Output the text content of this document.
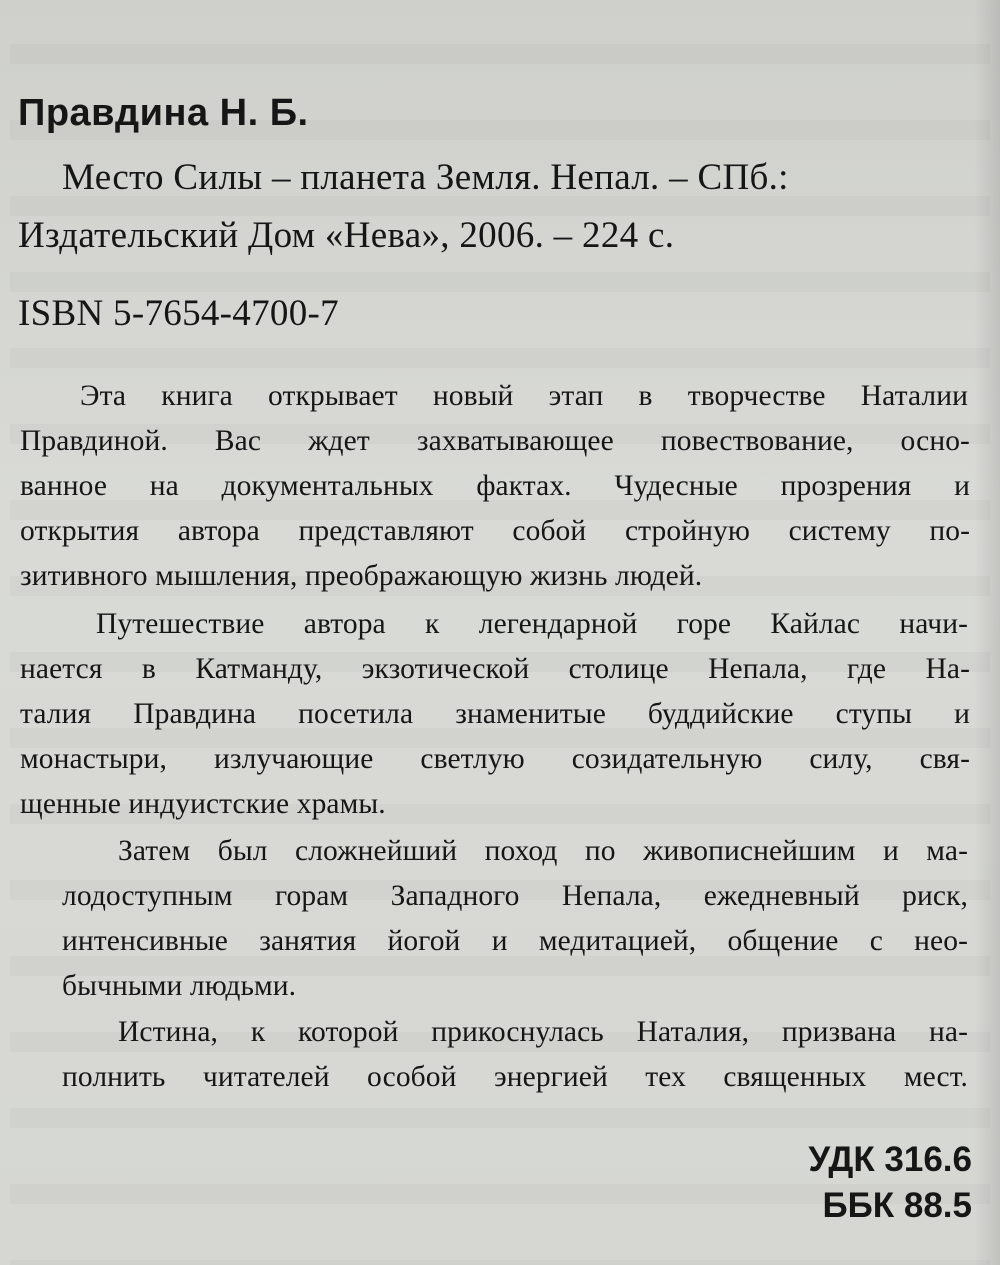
Правдина Н. Б.
Место Силы – планета Земля. Непал. – СПб.:
Издательский Дом «Нева», 2006. – 224 с.
ISBN 5-7654-4700-7
Эта книга открывает новый этап в творчестве Наталии
Правдиной. Вас ждет захватывающее повествование, осно-
ванное на документальных фактах. Чудесные прозрения и
открытия автора представляют собой стройную систему по-
зитивного мышления, преображающую жизнь людей.
Путешествие автора к легендарной горе Кайлас начи-
нается в Катманду, экзотической столице Непала, где На-
талия Правдина посетила знаменитые буддийские ступы и
монастыри, излучающие светлую созидательную силу, свя-
щенные индуистские храмы.
Затем был сложнейший поход по живописнейшим и ма-
лодоступным горам Западного Непала, ежедневный риск,
интенсивные занятия йогой и медитацией, общение с нео-
бычными людьми.
Истина, к которой прикоснулась Наталия, призвана на-
полнить читателей особой энергией тех священных мест.
УДК 316.6
ББК 88.5
